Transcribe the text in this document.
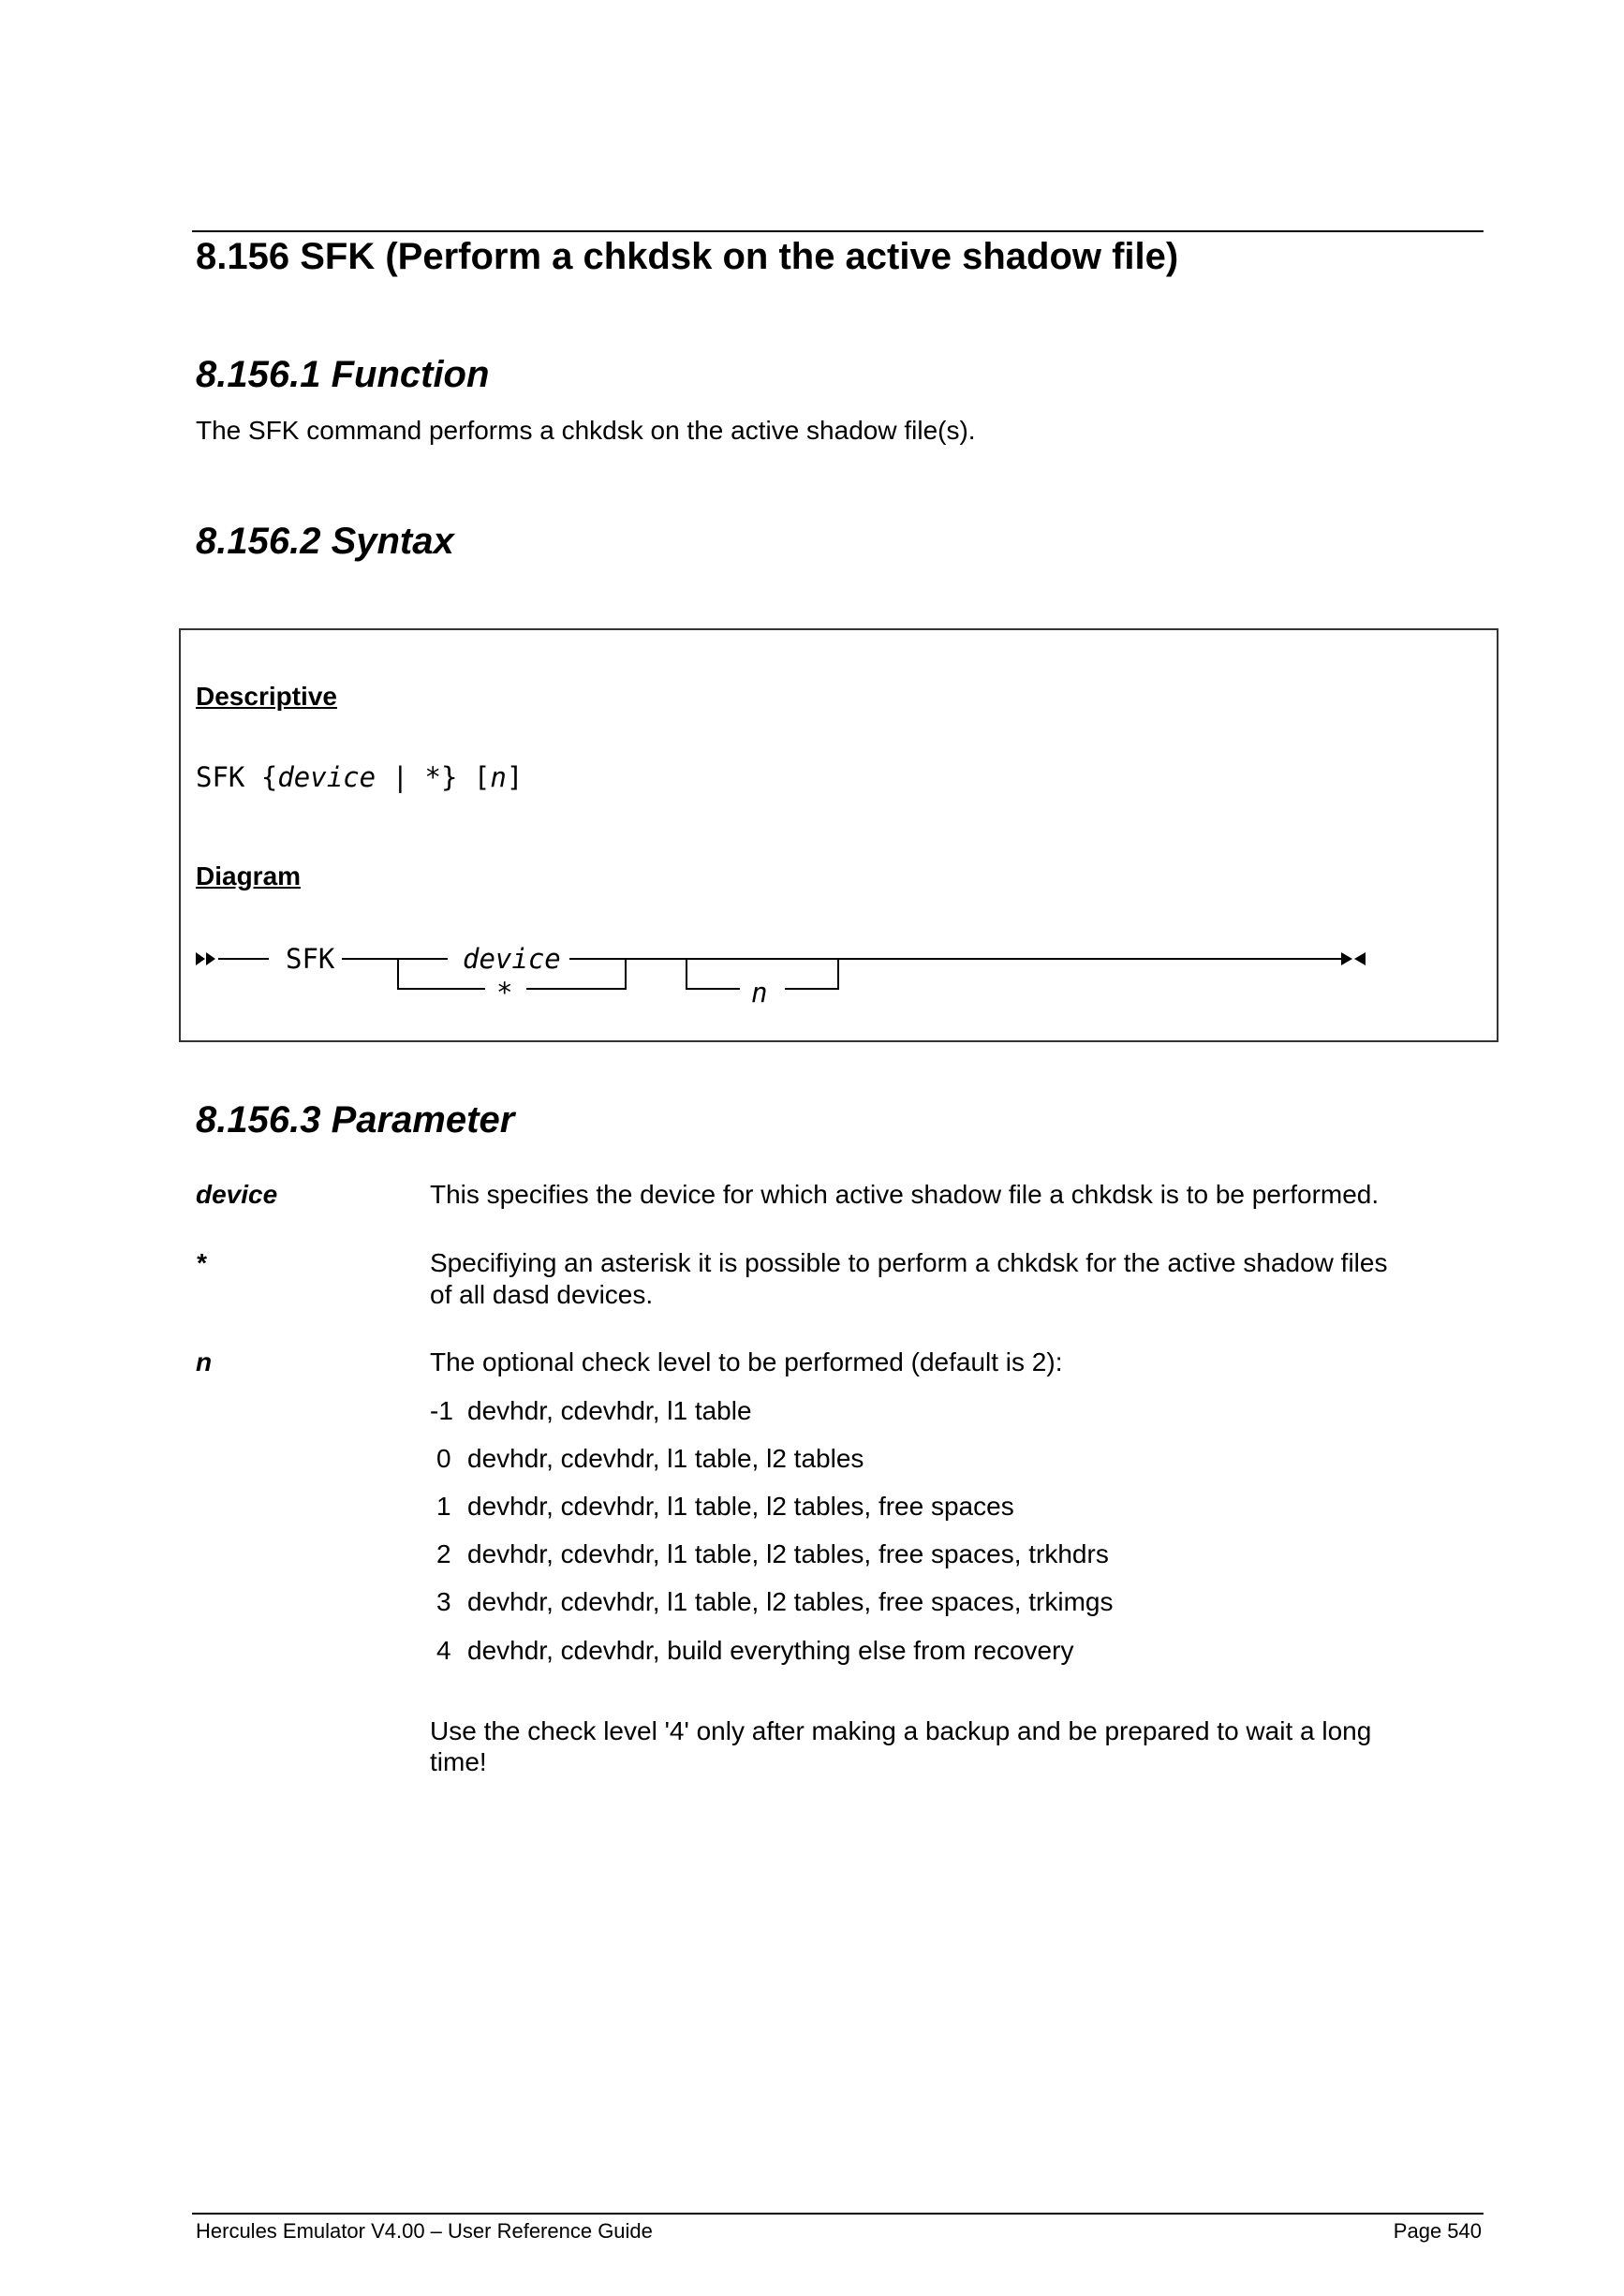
8.156 SFK (Perform a chkdsk on the active shadow file)
8.156.1 Function
The SFK command performs a chkdsk on the active shadow file(s).
8.156.2 Syntax
Descriptive
SFK {device | *} [n]
Diagram
SFK	device
*	n
8.156.3 Parameter
device	This specifies the device for which active shadow file a chkdsk is to be performed.
*	Specifiying an asterisk it is possible to perform a chkdsk for the active shadow files
of all dasd devices.
n	The optional check level to be performed (default is 2):
-1 devhdr, cdevhdr, l1 table
0 devhdr, cdevhdr, l1 table, l2 tables
1 devhdr, cdevhdr, l1 table, l2 tables, free spaces
2 devhdr, cdevhdr, l1 table, l2 tables, free spaces, trkhdrs
3 devhdr, cdevhdr, l1 table, l2 tables, free spaces, trkimgs
4 devhdr, cdevhdr, build everything else from recovery
Use the check level '4' only after making a backup and be prepared to wait a long
time!
Hercules Emulator V4.00 – User Reference Guide	Page 540
